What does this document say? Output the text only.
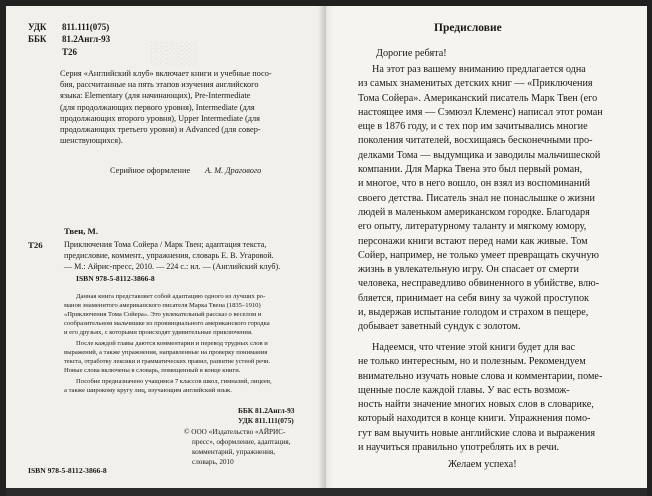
░░░
УДК 811.111(075)
ББК 81.2Англ-93
Т26
Серия «Английский клуб» включает книги и учебные посо-
бия, рассчитанные на пять этапов изучения английского
языка: Elementary (для начинающих), Pre-Intermediate
(для продолжающих первого уровня), Intermediate (для
продолжающих второго уровня), Upper Intermediate (для
продолжающих третьего уровня) и Advanced (для совер-
шенствующихся).
Серийное оформление А. М. Драгового
Твен, М.
Т26	Приключения Тома Сойера / Марк Твен; адаптация текста,
предисловие, коммент., упражнения, словарь Е. В. Угаровой.
— М.: Айрис-пресс, 2010. — 224 с.: ил. — (Английский клуб).
ISBN 978-5-8112-3866-8
Данная книга представляет собой адаптацию одного из лучших ро-
манов знаменитого американского писателя Марка Твена (1835–1910)
«Приключения Тома Сойера». Это увлекательный рассказ о веселом и
сообразительном мальчишке из провинциального американского городка
и его друзьях, с которыми происходят удивительные приключения.
После каждой главы даются комментарии и перевод трудных слов и
выражений, а также упражнения, направленные на проверку понимания
текста, отработку лексики и грамматических правил, развитие устной речи.
Новые слова включены в словарь, помещенный в конце книги.
Пособие предназначено учащимся 7 классов школ, гимназий, лицеев,
а также широкому кругу лиц, изучающим английский язык.
ББК 81.2Англ-93
УДК 811.111(075)
© ООО «Издательство «АЙРИС-
пресс», оформление, адаптация,
комментарий, упражнения,
словарь, 2010
ISBN 978-5-8112-3866-8
Предисловие
Дорогие ребята!
На этот раз вашему вниманию предлагается одна
из самых знаменитых детских книг — «Приключения
Тома Сойера». Американский писатель Марк Твен (его
настоящее имя — Сэмюэл Клеменс) написал этот роман
еще в 1876 году, и с тех пор им зачитывались многие
поколения читателей, восхищаясь бесконечными про-
делками Тома — выдумщика и заводилы мальчишеской
компании. Для Марка Твена это был первый роман,
и многое, что в него вошло, он взял из воспоминаний
своего детства. Писатель знал не понаслышке о жизни
людей в маленьком американском городке. Благодаря
его опыту, литературному таланту и мягкому юмору,
персонажи книги встают перед нами как живые. Том
Сойер, например, не только умеет превращать скучную
жизнь в увлекательную игру. Он спасает от смерти
человека, несправедливо обвиненного в убийстве, влю-
бляется, принимает на себя вину за чужой проступок
и, выдержав испытание голодом и страхом в пещере,
добывает заветный сундук с золотом.
Надеемся, что чтение этой книги будет для вас
не только интересным, но и полезным. Рекомендуем
внимательно изучать новые слова и комментарии, поме-
щенные после каждой главы. У вас есть возмож-
ность найти значение многих новых слов в словарике,
который находится в конце книги. Упражнения помо-
гут вам выучить новые английские слова и выражения
и научиться правильно употреблять их в речи.
Желаем успеха!
